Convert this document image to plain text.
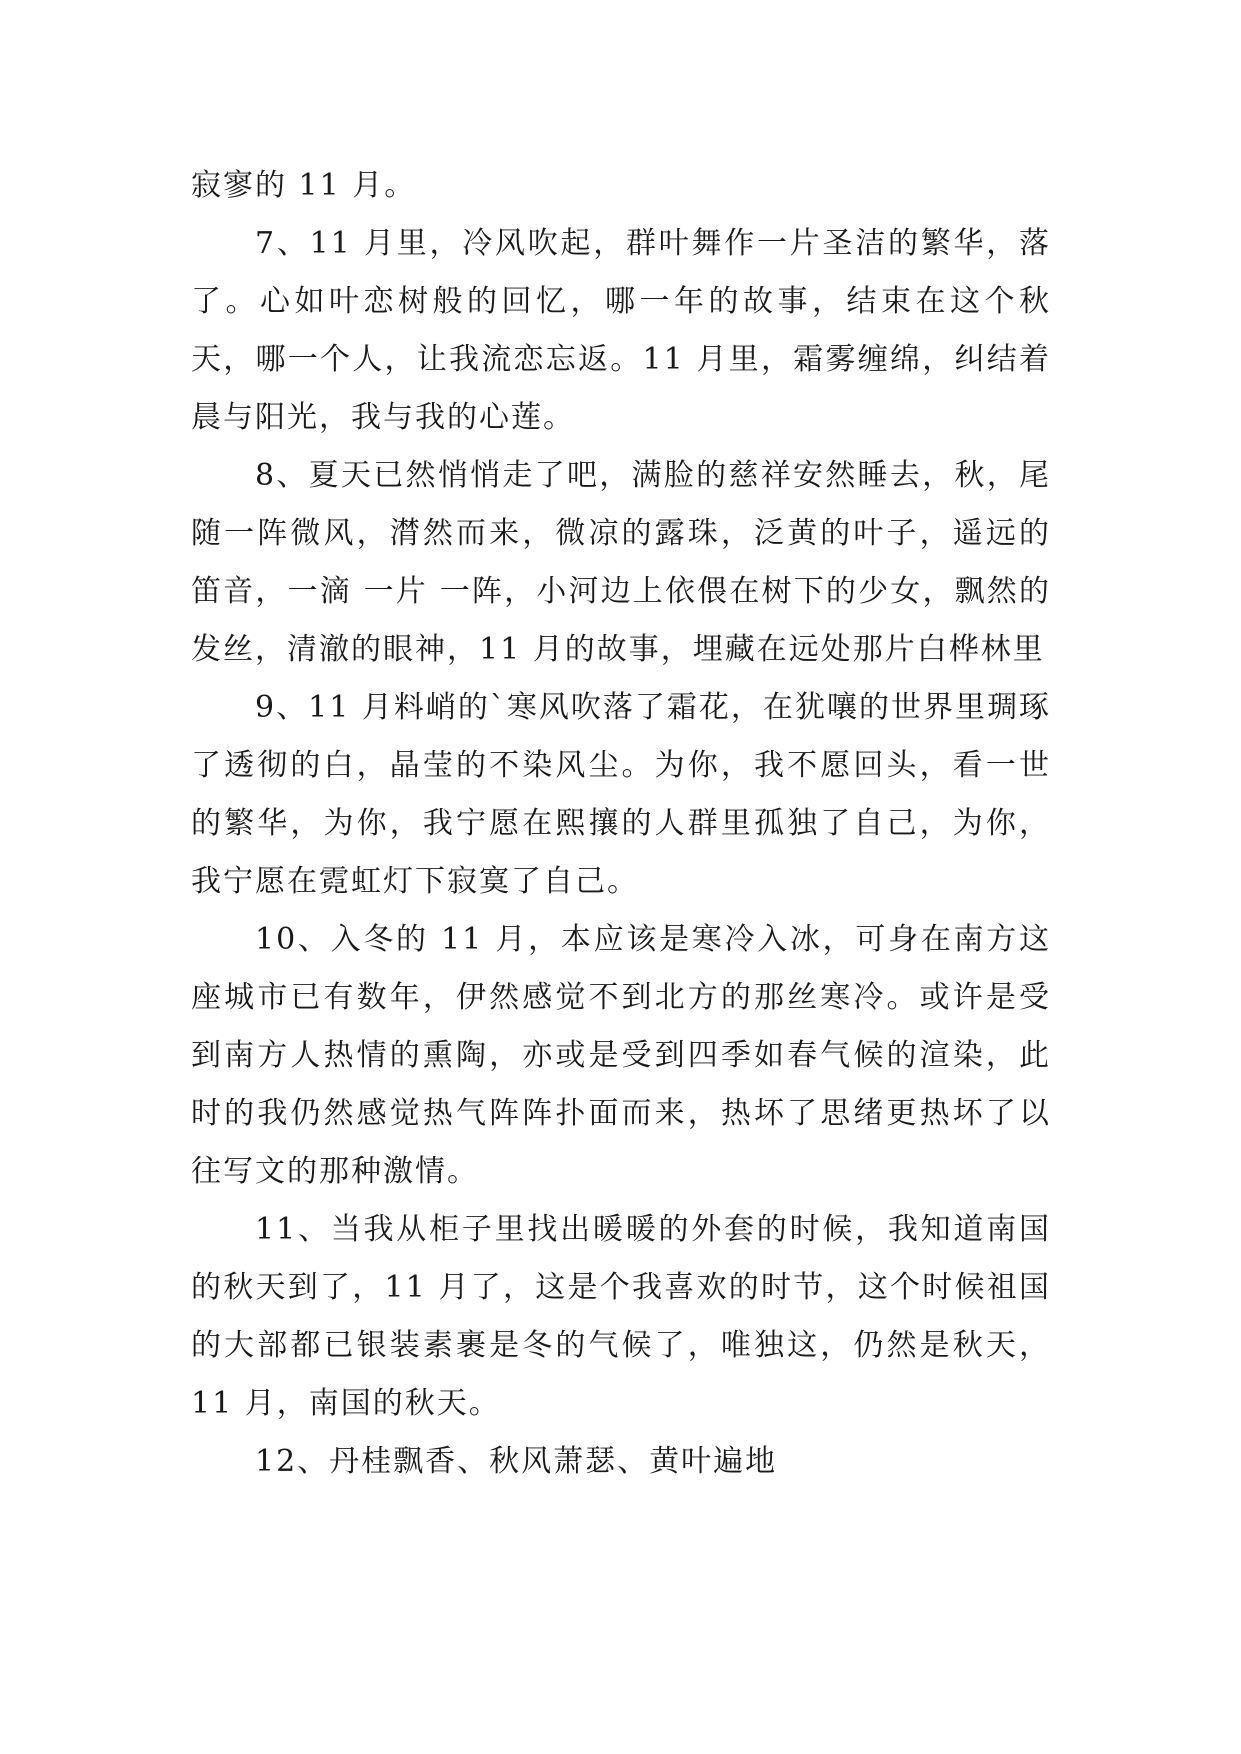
寂寥的 11 月。

7、11 月里，冷风吹起，群叶舞作一片圣洁的繁华，落了。心如叶恋树般的回忆，哪一年的故事，结束在这个秋天，哪一个人，让我流恋忘返。11 月里，霜雾缠绵，纠结着晨与阳光，我与我的心莲。

8、夏天已然悄悄走了吧，满脸的慈祥安然睡去，秋，尾随一阵微风，潸然而来，微凉的露珠，泛黄的叶子，遥远的笛音，一滴 一片 一阵，小河边上依偎在树下的少女，飘然的发丝，清澈的眼神，11 月的故事，埋藏在远处那片白桦林里

9、11 月料峭的`寒风吹落了霜花，在犹嚷的世界里琱琢了透彻的白，晶莹的不染风尘。为你，我不愿回头，看一世的繁华，为你，我宁愿在熙攘的人群里孤独了自己，为你，我宁愿在霓虹灯下寂寞了自己。

10、入冬的 11 月，本应该是寒冷入冰，可身在南方这座城市已有数年，伊然感觉不到北方的那丝寒冷。或许是受到南方人热情的熏陶，亦或是受到四季如春气候的渲染，此时的我仍然感觉热气阵阵扑面而来，热坏了思绪更热坏了以往写文的那种激情。

11、当我从柜子里找出暖暖的外套的时候，我知道南国的秋天到了，11 月了，这是个我喜欢的时节，这个时候祖国的大部都已银装素裹是冬的气候了，唯独这，仍然是秋天，11 月，南国的秋天。

12、丹桂飘香、秋风萧瑟、黄叶遍地
